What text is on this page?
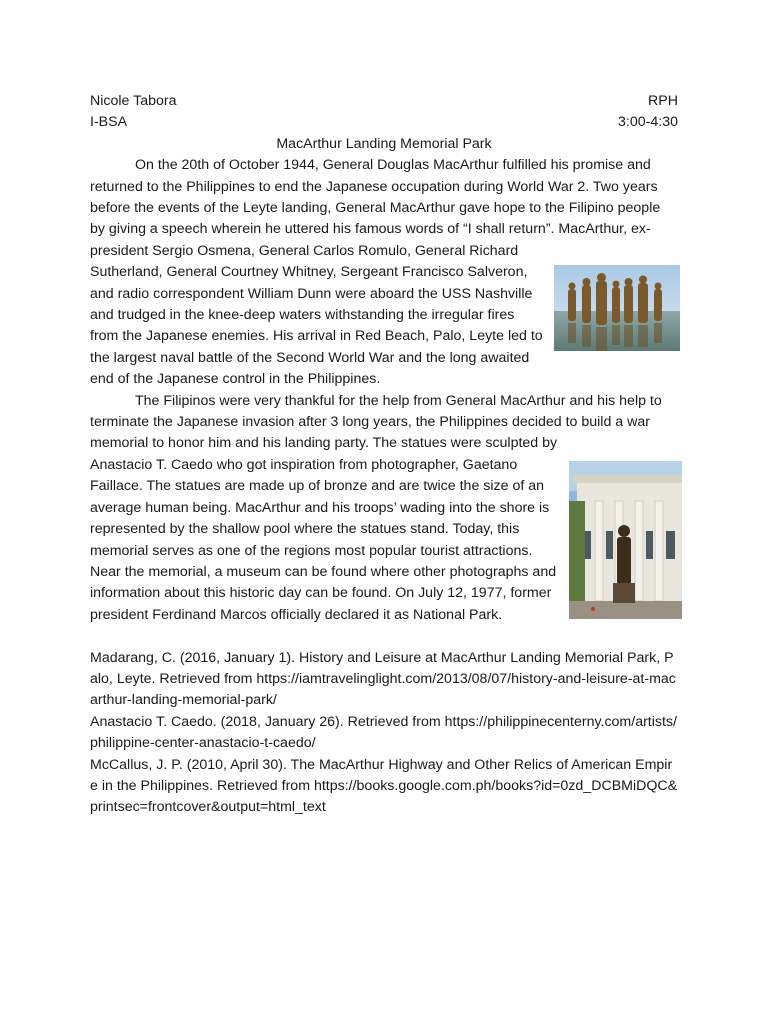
Nicole Tabora	RPH
I-BSA	3:00-4:30
MacArthur Landing Memorial Park

On the 20th of October 1944, General Douglas MacArthur fulfilled his promise and returned to the Philippines to end the Japanese occupation during World War 2. Two years before the events of the Leyte landing, General MacArthur gave hope to the Filipino people by giving a speech wherein he uttered his famous words of “I shall return”. MacArthur, ex-president Sergio Osmena, General Carlos Romulo, General Richard Sutherland, General Courtney Whitney, Sergeant Francisco Salveron, and radio correspondent William Dunn were aboard the USS Nashville and trudged in the knee-deep waters withstanding the irregular fires from the Japanese enemies. His arrival in Red Beach, Palo, Leyte led to the largest naval battle of the Second World War and the long awaited end of the Japanese control in the Philippines.

The Filipinos were very thankful for the help from General MacArthur and his help to terminate the Japanese invasion after 3 long years, the Philippines decided to build a war memorial to honor him and his landing party. The statues were sculpted by Anastacio T. Caedo who got inspiration from photographer, Gaetano Faillace. The statues are made up of bronze and are twice the size of an average human being. MacArthur and his troops’ wading into the shore is represented by the shallow pool where the statues stand. Today, this memorial serves as one of the regions most popular tourist attractions. Near the memorial, a museum can be found where other photographs and information about this historic day can be found. On July 12, 1977, former president Ferdinand Marcos officially declared it as National Park.

Madarang, C. (2016, January 1). History and Leisure at MacArthur Landing Memorial Park, Palo, Leyte. Retrieved from https://iamtravelinglight.com/2013/08/07/history-and-leisure-at-macarthur-landing-memorial-park/

Anastacio T. Caedo. (2018, January 26). Retrieved from https://philippinecenterny.com/artists/philippine-center-anastacio-t-caedo/

McCallus, J. P. (2010, April 30). The MacArthur Highway and Other Relics of American Empire in the Philippines. Retrieved from https://books.google.com.ph/books?id=0zd_DCBMiDQC&printsec=frontcover&output=html_text
